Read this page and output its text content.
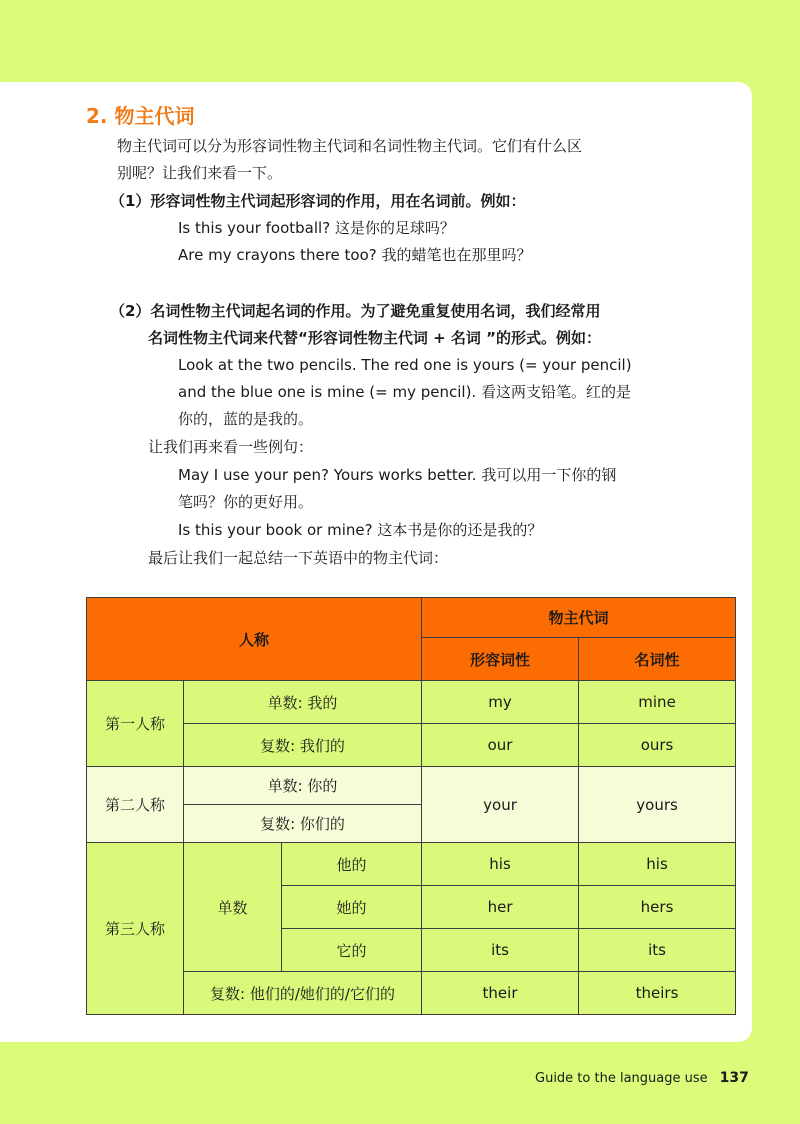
2. 物主代词
物主代词可以分为形容词性物主代词和名词性物主代词。它们有什么区
别呢？让我们来看一下。
（1）形容词性物主代词起形容词的作用，用在名词前。例如：
Is this your football? 这是你的足球吗？
Are my crayons there too? 我的蜡笔也在那里吗？
（2）名词性物主代词起名词的作用。为了避免重复使用名词，我们经常用
名词性物主代词来代替“形容词性物主代词 + 名词 ”的形式。例如：
Look at the two pencils. The red one is yours (= your pencil)
and the blue one is mine (= my pencil). 看这两支铅笔。红的是
你的，蓝的是我的。
让我们再来看一些例句：
May I use your pen? Yours works better. 我可以用一下你的钢
笔吗？你的更好用。
Is this your book or mine? 这本书是你的还是我的？
最后让我们一起总结一下英语中的物主代词：
人称			物主代词	
			形容词性	名词性
第一人称	单数: 我的		my	mine
	复数: 我们的		our	ours
第二人称	单数: 你的		your	yours
	复数: 你们的			
第三人称	单数	他的	his	his
		她的	her	hers
		它的	its	its
	复数: 他们的/她们的/它们的		their	theirs
Guide to the language use 137
